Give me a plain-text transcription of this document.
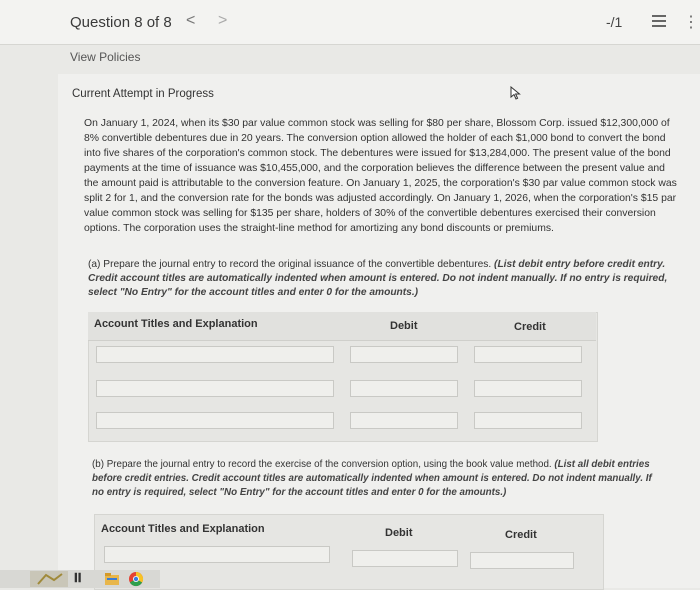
Question 8 of 8 < >	-/1	⋮
View Policies
Current Attempt in Progress
On January 1, 2024, when its $30 par value common stock was selling for $80 per share, Blossom Corp. issued $12,300,000 of 8% convertible debentures due in 20 years. The conversion option allowed the holder of each $1,000 bond to convert the bond into five shares of the corporation's common stock. The debentures were issued for $13,284,000. The present value of the bond payments at the time of issuance was $10,455,000, and the corporation believes the difference between the present value and the amount paid is attributable to the conversion feature. On January 1, 2025, the corporation's $30 par value common stock was split 2 for 1, and the conversion rate for the bonds was adjusted accordingly. On January 1, 2026, when the corporation's $15 par value common stock was selling for $135 per share, holders of 30% of the convertible debentures exercised their conversion options. The corporation uses the straight-line method for amortizing any bond discounts or premiums.
(a) Prepare the journal entry to record the original issuance of the convertible debentures. (List debit entry before credit entry. Credit account titles are automatically indented when amount is entered. Do not indent manually. If no entry is required, select "No Entry" for the account titles and enter 0 for the amounts.)
Account Titles and Explanation	Debit	Credit
(b) Prepare the journal entry to record the exercise of the conversion option, using the book value method. (List all debit entries before credit entries. Credit account titles are automatically indented when amount is entered. Do not indent manually. If no entry is required, select "No Entry" for the account titles and enter 0 for the amounts.)
Account Titles and Explanation	Debit	Credit
𝐈𝐈
